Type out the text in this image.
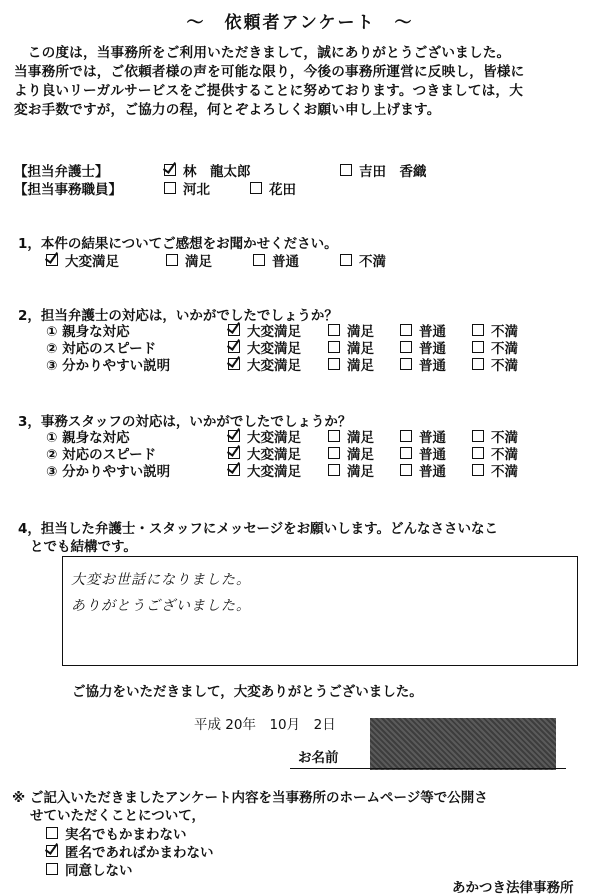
〜　依頼者アンケート　〜

　この度は，当事務所をご利用いただきまして，誠にありがとうございました。

当事務所では，ご依頼者様の声を可能な限り，今後の事務所運営に反映し，皆様に

より良いリーガルサービスをご提供することに努めております。つきましては，大

変お手数ですが，ご協力の程，何とぞよろしくお願い申し上げます。

【担当弁護士】	林　龍太郎	吉田　香織
【担当事務職員】	河北	花田
1，本件の結果についてご感想をお聞かせください。
大変満足	満足	普通	不満
2，担当弁護士の対応は，いかがでしたでしょうか？
3，事務スタッフの対応は，いかがでしたでしょうか？
4，担当した弁護士・スタッフにメッセージをお願いします。どんなささいなこ
とでも結構です。
大変お世話になりました。
ありがとうございました。
ご協力をいただきまして，大変ありがとうございました。
平成 20年　10月　2日
お名前
※ ご記入いただきましたアンケート内容を当事務所のホームページ等で公開さ
せていただくことについて，
実名でもかまわない
匿名であればかまわない
同意しない
あかつき法律事務所
① 親身な対応	大変満足	満足	普通	不満
② 対応のスピード	大変満足	満足	普通	不満
③ 分かりやすい説明	大変満足	満足	普通	不満
① 親身な対応	大変満足	満足	普通	不満
② 対応のスピード	大変満足	満足	普通	不満
③ 分かりやすい説明	大変満足	満足	普通	不満
